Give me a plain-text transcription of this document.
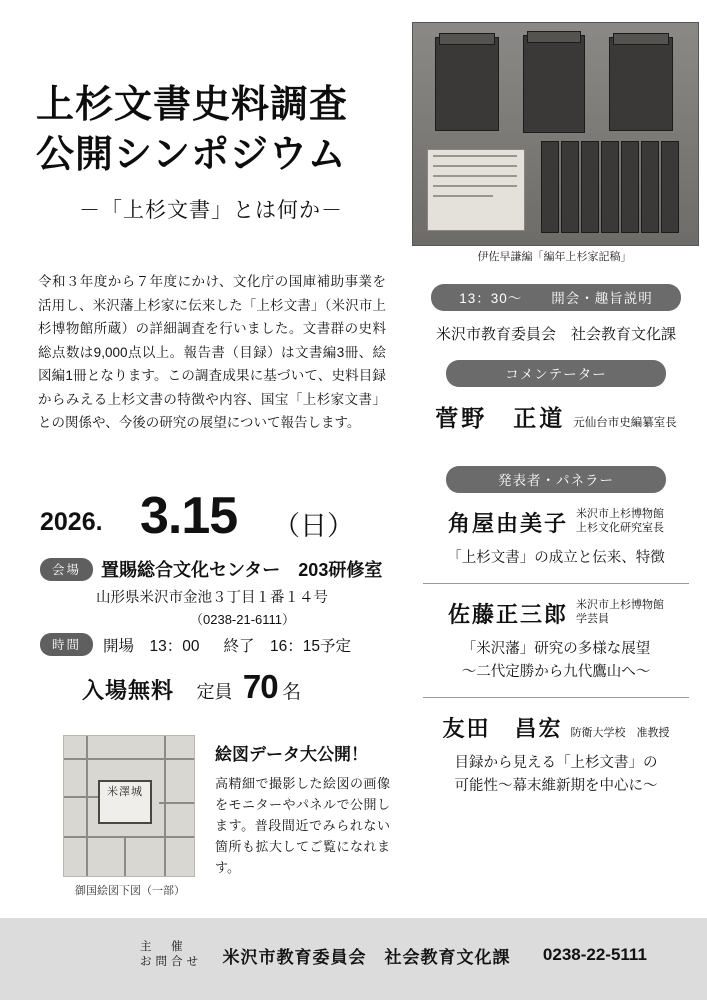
上杉文書史料調査
公開シンポジウム
－「上杉文書」とは何か－
令和３年度から７年度にかけ、文化庁の国庫補助事業を活用し、米沢藩上杉家に伝来した「上杉文書」（米沢市上杉博物館所蔵）の詳細調査を行いました。文書群の史料総点数は9,000点以上。報告書（目録）は文書編3冊、絵図編1冊となります。この調査成果に基づいて、史料目録からみえる上杉文書の特徴や内容、国宝「上杉家文書」との関係や、今後の研究の展望について報告します。
2026. 3.15 （日）
会場 置賜総合文化センター　203研修室
山形県米沢市金池３丁目１番１４号
（0238-21-6111）
時間 開場　13：00 終了　16：15予定
入場無料 定員 70 名
米澤城
御国絵図下図（一部）
絵図データ大公開！

高精細で撮影した絵図の画像をモニターやパネルで公開します。普段間近でみられない箇所も拡大してご覧になれます。

伊佐早謙編「編年上杉家記稿」
13：30～　　開会・趣旨説明
米沢市教育委員会　社会教育文化課
コメンテーター
菅野　正道 元仙台市史編纂室長
発表者・パネラー
角屋由美子 米沢市上杉博物館
上杉文化研究室長
「上杉文書」の成立と伝来、特徴
佐藤正三郎 米沢市上杉博物館
学芸員
「米沢藩」研究の多様な展望
～二代定勝から九代鷹山へ～
友田　昌宏 防衛大学校　准教授
目録から見える「上杉文書」の
可能性～幕末維新期を中心に～
主　催
お問合せ 米沢市教育委員会　社会教育文化課 0238-22-5111
